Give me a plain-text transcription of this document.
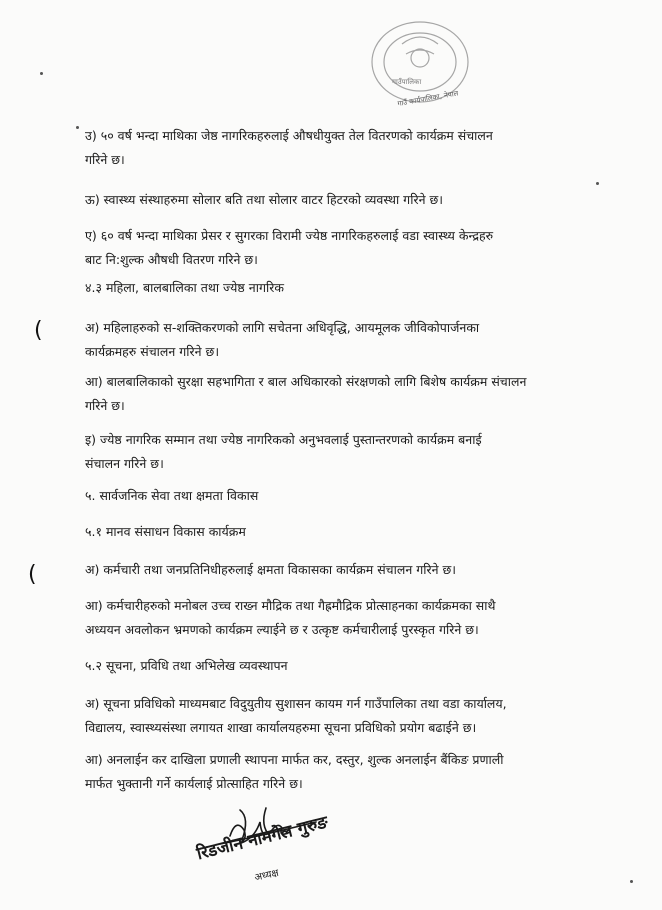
गाउँपालिका
गाउँ कार्यपालिका, नेपाल
उ) ५० वर्ष भन्दा माथिका जेष्ठ नागरिकहरुलाई औषधीयुक्त तेल वितरणको कार्यक्रम संचालन
गरिने छ।
ऊ) स्वास्थ्य संस्थाहरुमा सोलार बति तथा सोलार वाटर हिटरको व्यवस्था गरिने छ।
ए) ६० वर्ष भन्दा माथिका प्रेसर र सुगरका विरामी ज्येष्ठ नागरिकहरुलाई वडा स्वास्थ्य केन्द्रहरु
बाट नि:शुल्क औषधी वितरण गरिने छ।
४.३ महिला, बालबालिका तथा ज्येष्ठ नागरिक
अ) महिलाहरुको स-शक्तिकरणको लागि सचेतना अधिवृद्धि, आयमूलक जीविकोपार्जनका
कार्यक्रमहरु संचालन गरिने छ।
आ) बालबालिकाको सुरक्षा सहभागिता र बाल अधिकारको संरक्षणको लागि बिशेष कार्यक्रम संचालन
गरिने छ।
इ) ज्येष्ठ नागरिक सम्मान तथा ज्येष्ठ नागरिकको अनुभवलाई पुस्तान्तरणको कार्यक्रम बनाई
संचालन गरिने छ।
५. सार्वजनिक सेवा तथा क्षमता विकास
५.१ मानव संसाधन विकास कार्यक्रम
अ) कर्मचारी तथा जनप्रतिनिधीहरुलाई क्षमता विकासका कार्यक्रम संचालन गरिने छ।
आ) कर्मचारीहरुको मनोबल उच्च राख्न मौद्रिक तथा गैह्रमौद्रिक प्रोत्साहनका कार्यक्रमका साथै
अध्ययन अवलोकन भ्रमणको कार्यक्रम ल्याईने छ र उत्कृष्ट कर्मचारीलाई पुरस्कृत गरिने छ।
५.२ सूचना, प्रविधि तथा अभिलेख व्यवस्थापन
अ) सूचना प्रविधिको माध्यमबाट विदुयुतीय सुशासन कायम गर्न गाउँपालिका तथा वडा कार्यालय,
विद्यालय, स्वास्थ्यसंस्था लगायत शाखा कार्यालयहरुमा सूचना प्रविधिको प्रयोग बढाईने छ।
आ) अनलाईन कर दाखिला प्रणाली स्थापना मार्फत कर, दस्तुर, शुल्क अनलाईन बैंकिङ प्रणाली
मार्फत भुक्तानी गर्ने कार्यलाई प्रोत्साहित गरिने छ।
(
(
रिडजीन नामगेल गुरुङ
अध्यक्ष
